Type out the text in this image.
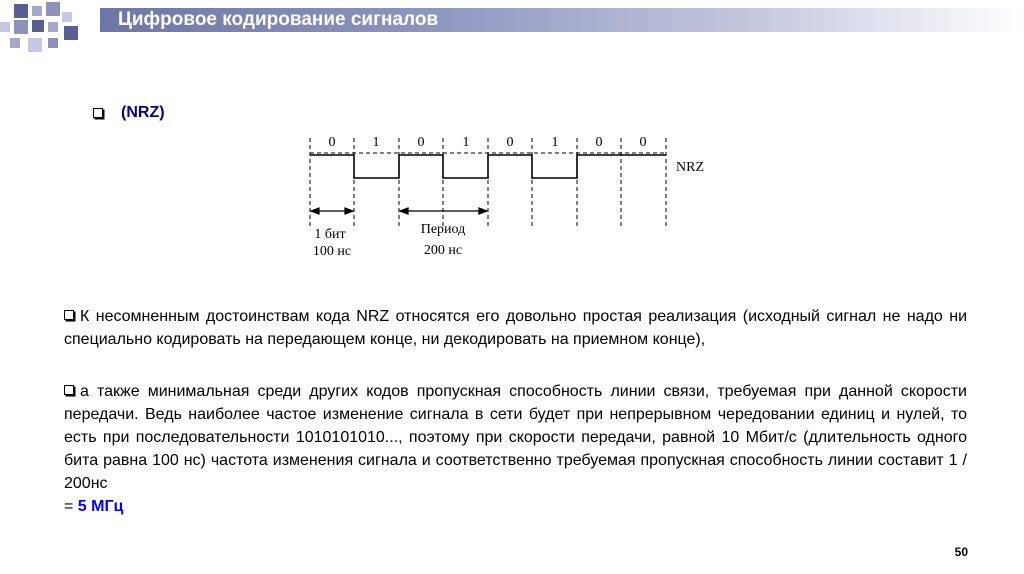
Цифровое кодирование сигналов
(NRZ)
0	1	0	1	0	1	0	0
NRZ
1 бит
100 нс
Период
200 нс

К несомненным достоинствам кода NRZ относятся его довольно простая реализация (исходный сигнал не надо ни специально кодировать на передающем конце, ни декодировать на приемном конце),

а также минимальная среди других кодов пропускная способность линии связи, требуемая при данной скорости передачи. Ведь наиболее частое изменение сигнала в сети будет при непрерывном чередовании единиц и нулей, то есть при последовательности 1010101010..., поэтому при скорости передачи, равной 10 Мбит/с (длительность одного бита равна 100 нс) частота изменения сигнала и соответственно требуемая пропускная способность линии составит 1 / 200нс
= 5 МГц

50
